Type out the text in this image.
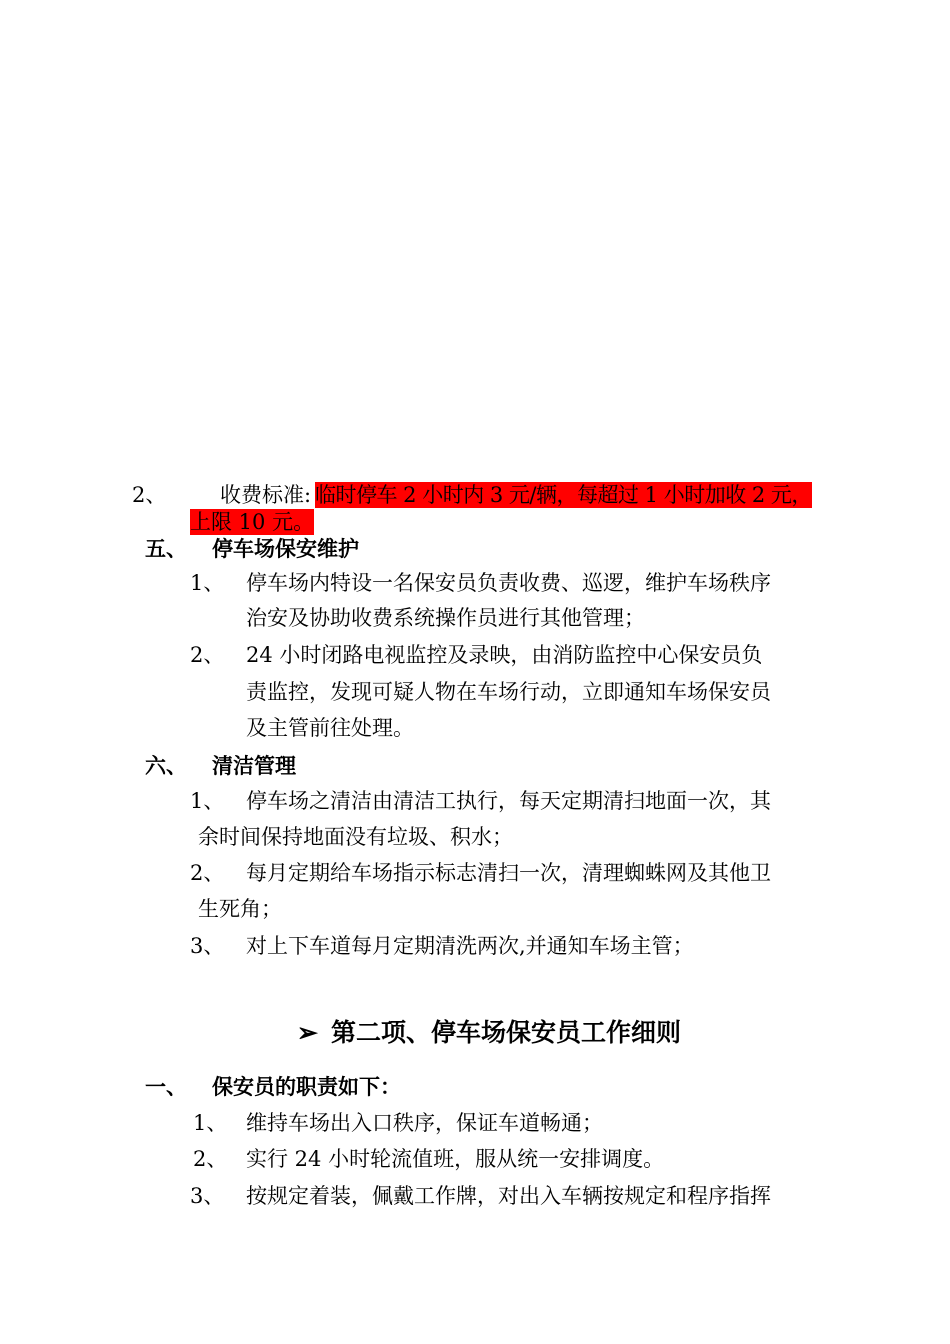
2、	收费标准: 临时停车 2 小时内 3 元/辆，每超过 1 小时加收 2 元，
上限 10 元。
五、 停车场保安维护
1、 停车场内特设一名保安员负责收费、巡逻，维护车场秩序
治安及协助收费系统操作员进行其他管理；
2、 24 小时闭路电视监控及录映，由消防监控中心保安员负
责监控，发现可疑人物在车场行动，立即通知车场保安员
及主管前往处理。
六、 清洁管理
1、 停车场之清洁由清洁工执行，每天定期清扫地面一次，其
余时间保持地面没有垃圾、积水；
2、 每月定期给车场指示标志清扫一次，清理蜘蛛网及其他卫
生死角；
3、 对上下车道每月定期清洗两次,并通知车场主管；
➢ 第二项、停车场保安员工作细则
一、 保安员的职责如下：
1、 维持车场出入口秩序，保证车道畅通；
2、 实行 24 小时轮流值班，服从统一安排调度。
3、 按规定着装，佩戴工作牌，对出入车辆按规定和程序指挥
